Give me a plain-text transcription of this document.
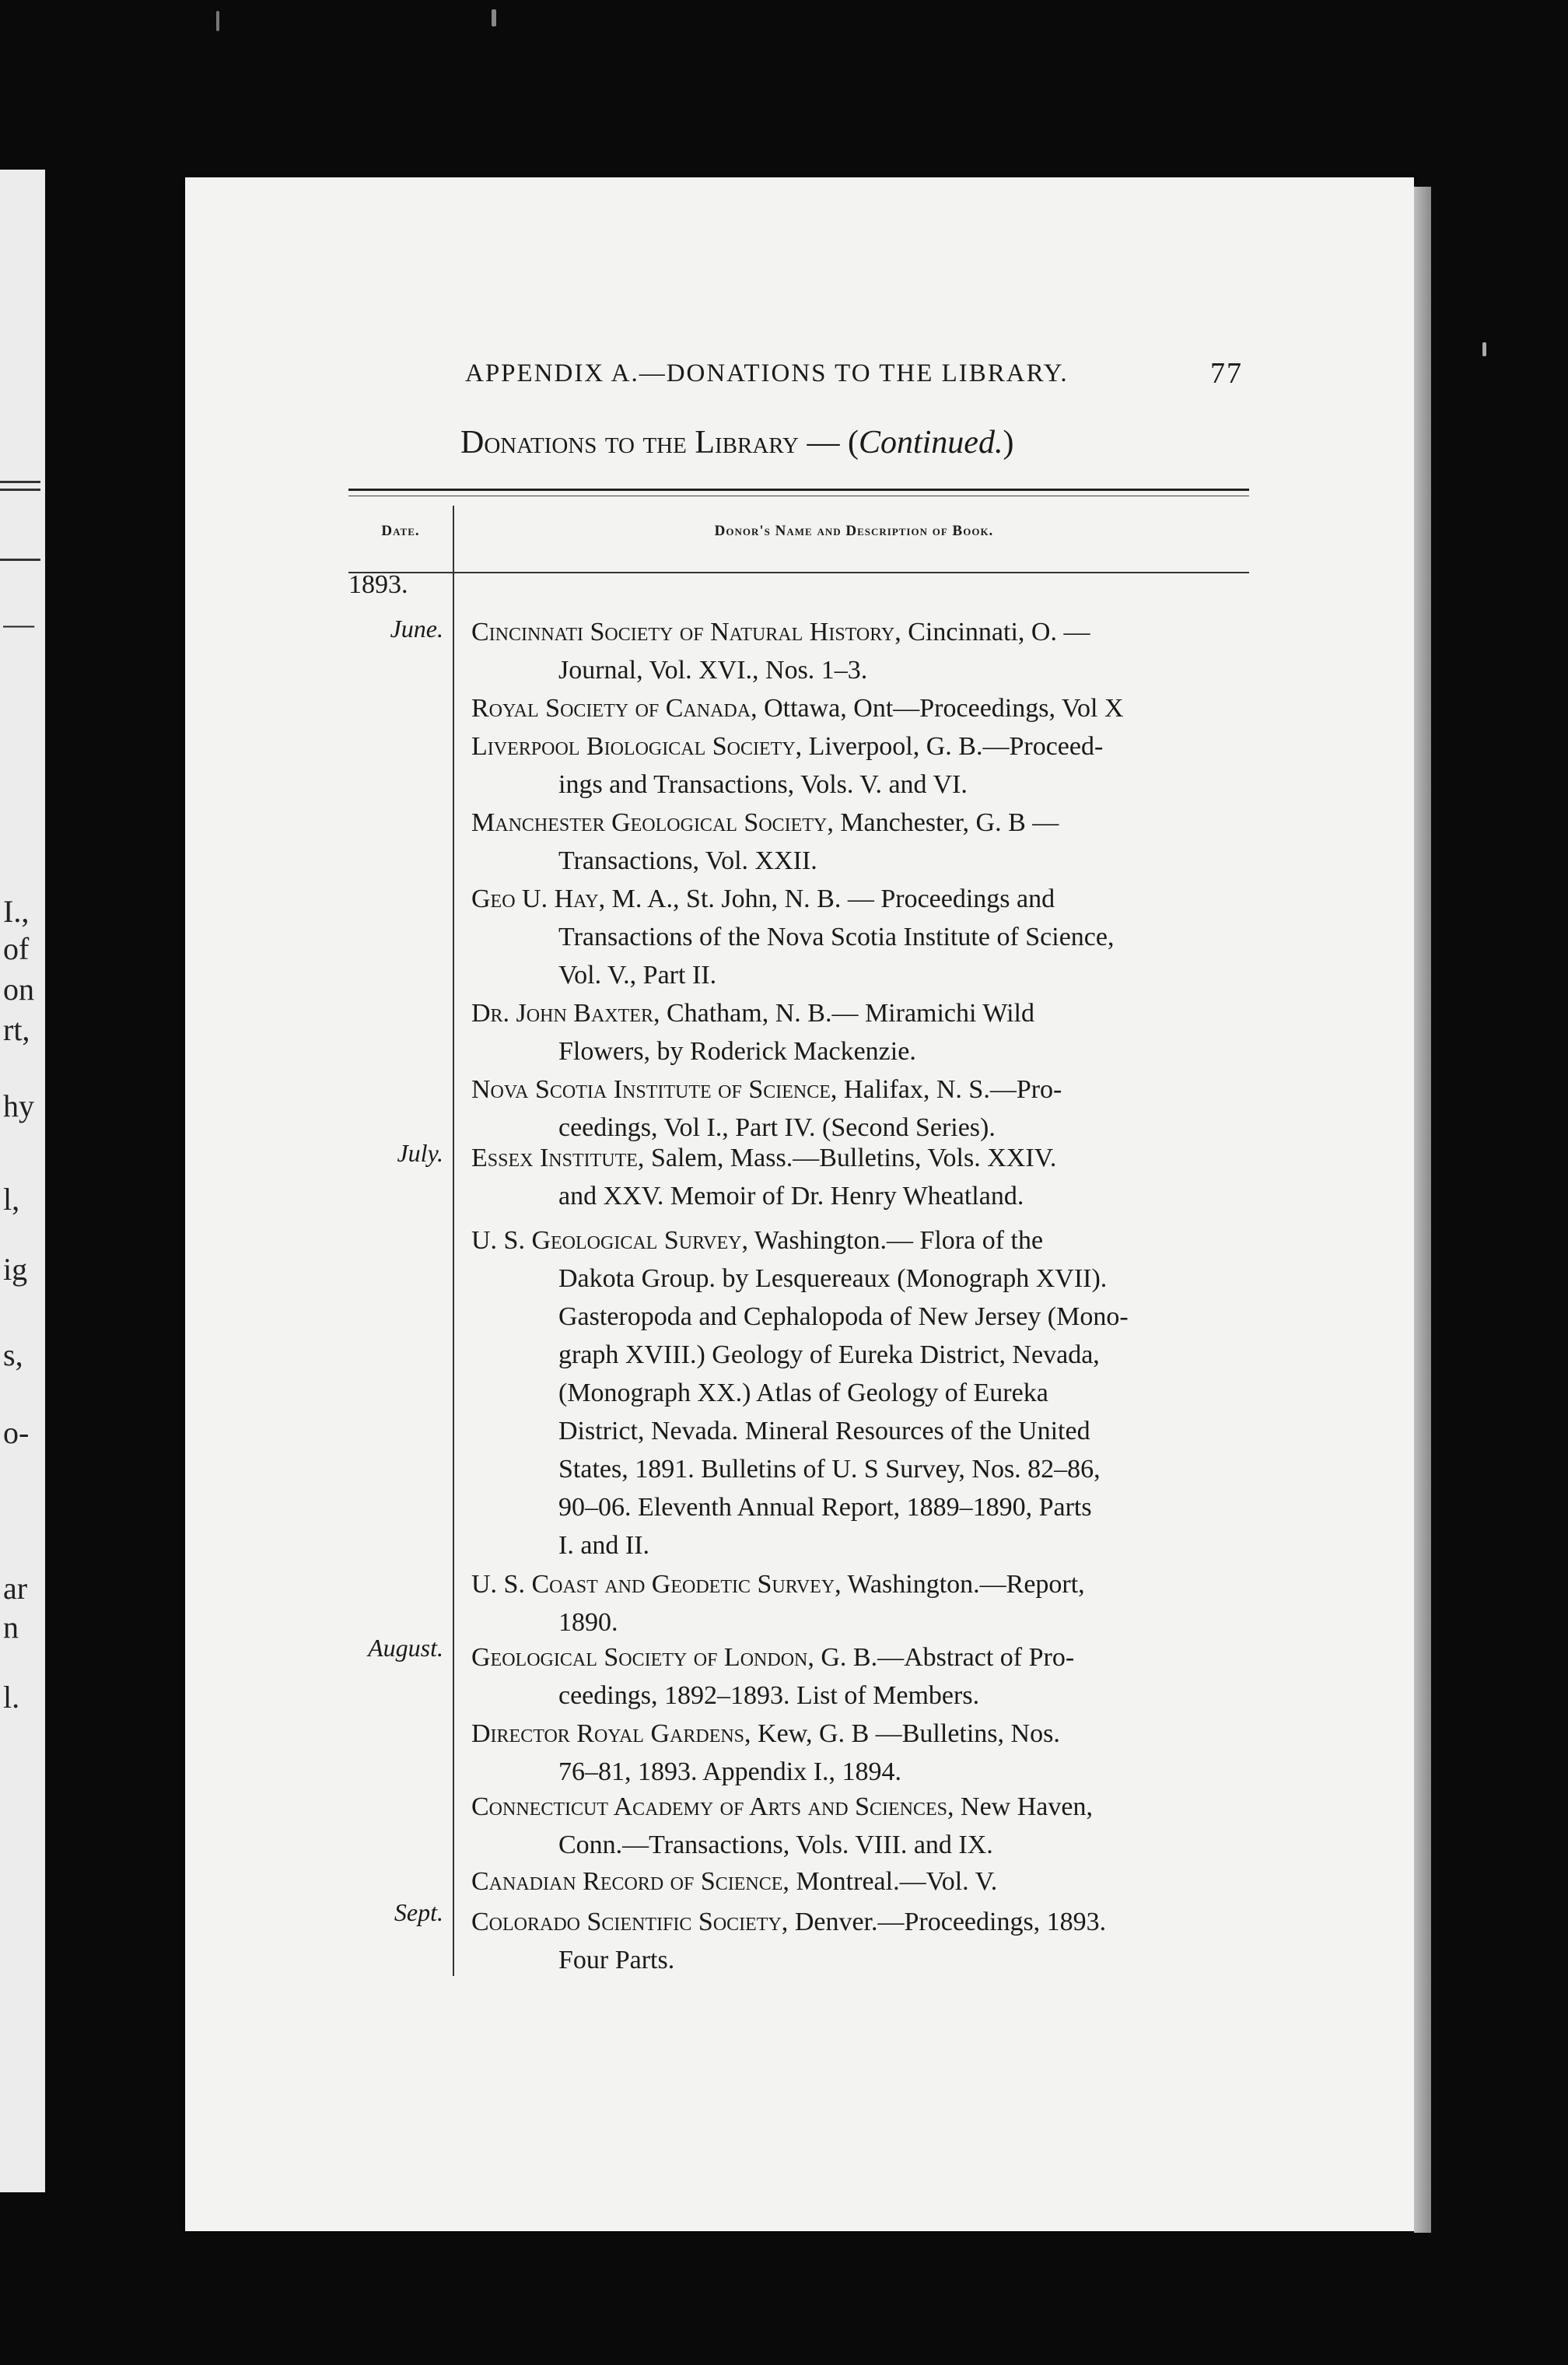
—
I.,
of
on
rt,
hy
l,
ig
s,
o-
ar
n
l.
APPENDIX A.—DONATIONS TO THE LIBRARY.	77
Donations to the Library — (Continued.)
Date.	Donor's Name and Description of Book.
1893.
June.
July.
August.
Sept.
Cincinnati Society of Natural History, Cincinnati, O. —
Journal, Vol. XVI., Nos. 1–3.
Royal Society of Canada, Ottawa, Ont—Proceedings, Vol X
Liverpool Biological Society, Liverpool, G. B.—Proceed-
ings and Transactions, Vols. V. and VI.
Manchester Geological Society, Manchester, G. B —
Transactions, Vol. XXII.
Geo U. Hay, M. A., St. John, N. B. — Proceedings and
Transactions of the Nova Scotia Institute of Science,
Vol. V., Part II.
Dr. John Baxter, Chatham, N. B.— Miramichi Wild
Flowers, by Roderick Mackenzie.
Nova Scotia Institute of Science, Halifax, N. S.—Pro-
ceedings, Vol I., Part IV. (Second Series).
Essex Institute, Salem, Mass.—Bulletins, Vols. XXIV.
and XXV. Memoir of Dr. Henry Wheatland.
U. S. Geological Survey, Washington.— Flora of the
Dakota Group. by Lesquereaux (Monograph XVII).
Gasteropoda and Cephalopoda of New Jersey (Mono-
graph XVIII.) Geology of Eureka District, Nevada,
(Monograph XX.) Atlas of Geology of Eureka
District, Nevada. Mineral Resources of the United
States, 1891. Bulletins of U. S Survey, Nos. 82–86,
90–06. Eleventh Annual Report, 1889–1890, Parts
I. and II.
U. S. Coast and Geodetic Survey, Washington.—Report,
1890.
Geological Society of London, G. B.—Abstract of Pro-
ceedings, 1892–1893. List of Members.
Director Royal Gardens, Kew, G. B —Bulletins, Nos.
76–81, 1893. Appendix I., 1894.
Connecticut Academy of Arts and Sciences, New Haven,
Conn.—Transactions, Vols. VIII. and IX.
Canadian Record of Science, Montreal.—Vol. V.
Colorado Scientific Society, Denver.—Proceedings, 1893.
Four Parts.
